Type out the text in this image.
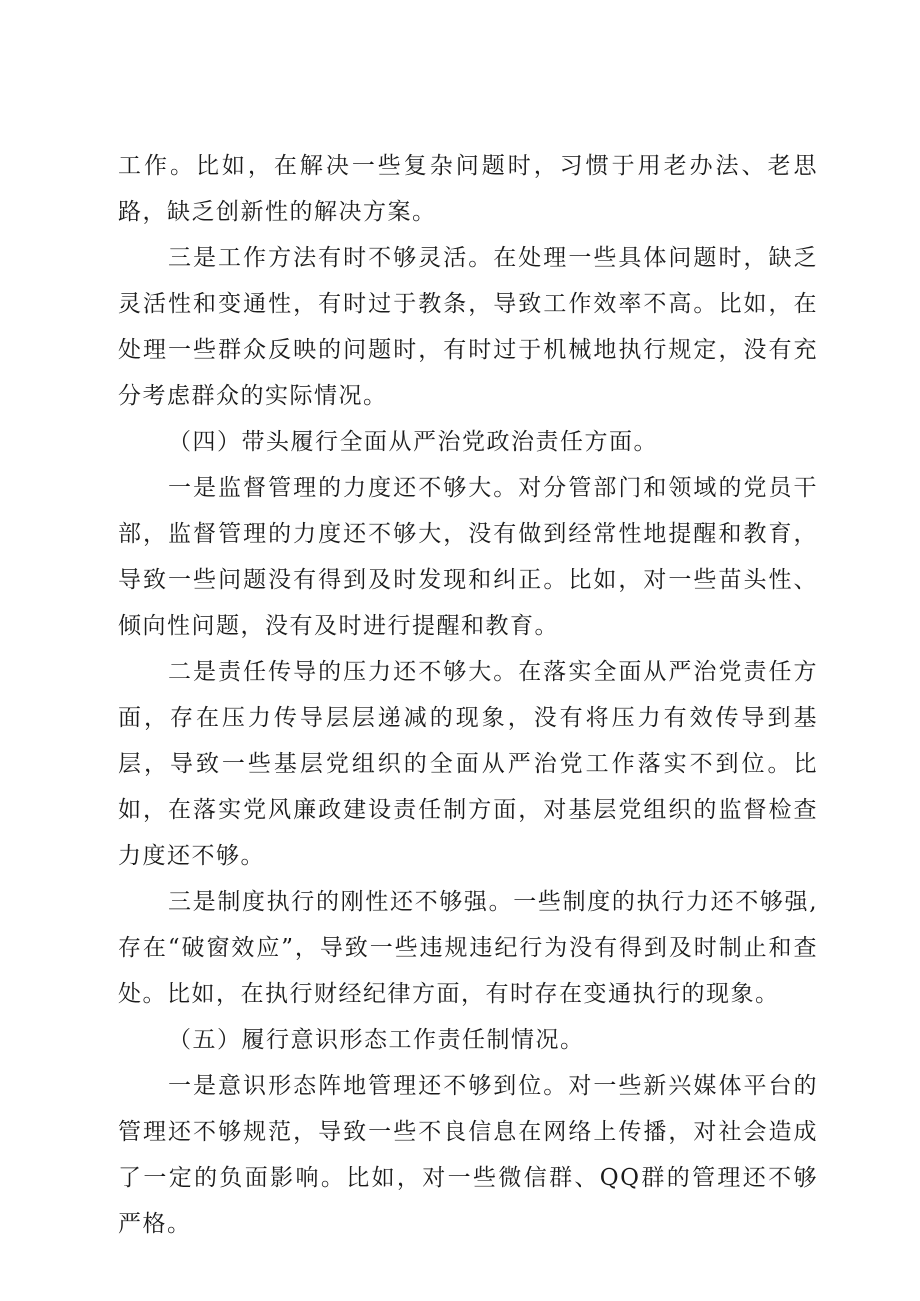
工作。比如，在解决一些复杂问题时，习惯于用老办法、老思路，缺乏创新性的解决方案。

三是工作方法有时不够灵活。在处理一些具体问题时，缺乏灵活性和变通性，有时过于教条，导致工作效率不高。比如，在处理一些群众反映的问题时，有时过于机械地执行规定，没有充分考虑群众的实际情况。

（四）带头履行全面从严治党政治责任方面。

一是监督管理的力度还不够大。对分管部门和领域的党员干部，监督管理的力度还不够大，没有做到经常性地提醒和教育，导致一些问题没有得到及时发现和纠正。比如，对一些苗头性、倾向性问题，没有及时进行提醒和教育。

二是责任传导的压力还不够大。在落实全面从严治党责任方面，存在压力传导层层递减的现象，没有将压力有效传导到基层，导致一些基层党组织的全面从严治党工作落实不到位。比如，在落实党风廉政建设责任制方面，对基层党组织的监督检查力度还不够。

三是制度执行的刚性还不够强。一些制度的执行力还不够强,存在“破窗效应”，导致一些违规违纪行为没有得到及时制止和查处。比如，在执行财经纪律方面，有时存在变通执行的现象。

（五）履行意识形态工作责任制情况。

一是意识形态阵地管理还不够到位。对一些新兴媒体平台的管理还不够规范，导致一些不良信息在网络上传播，对社会造成了一定的负面影响。比如，对一些微信群、QQ群的管理还不够严格。
